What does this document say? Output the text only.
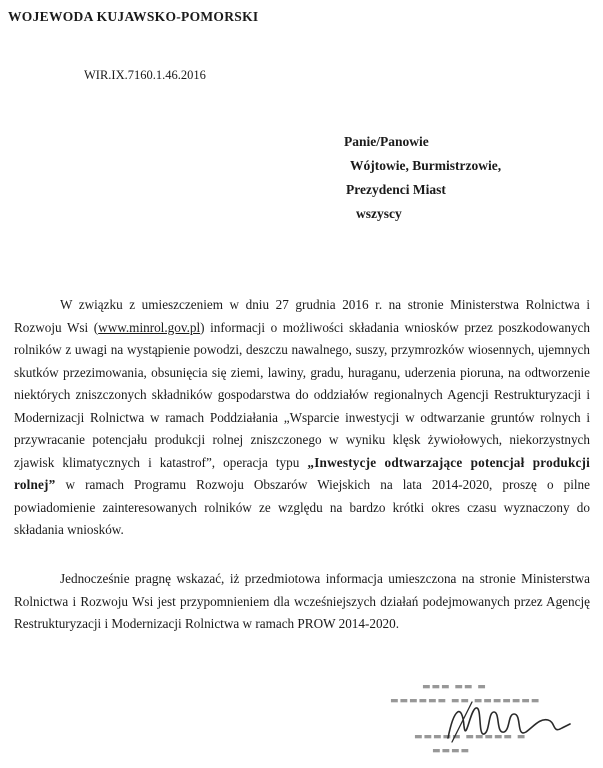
WOJEWODA KUJAWSKO-POMORSKI
WIR.IX.7160.1.46.2016
Panie/Panowie
Wójtowie, Burmistrzowie,
Prezydenci Miast
wszyscy
W związku z umieszczeniem w dniu 27 grudnia 2016 r. na stronie Ministerstwa Rolnictwa i Rozwoju Wsi (www.minrol.gov.pl) informacji o możliwości składania wniosków przez poszkodowanych rolników z uwagi na wystąpienie powodzi, deszczu nawalnego, suszy, przymrozków wiosennych, ujemnych skutków przezimowania, obsunięcia się ziemi, lawiny, gradu, huraganu, uderzenia pioruna, na odtworzenie niektórych zniszczonych składników gospodarstwa do oddziałów regionalnych Agencji Restrukturyzacji i Modernizacji Rolnictwa w ramach Poddziałania „Wsparcie inwestycji w odtwarzanie gruntów rolnych i przywracanie potencjału produkcji rolnej zniszczonego w wyniku klęsk żywiołowych, niekorzystnych zjawisk klimatycznych i katastrof”, operacja typu „Inwestycje odtwarzające potencjał produkcji rolnej” w ramach Programu Rozwoju Obszarów Wiejskich na lata 2014-2020, proszę o pilne powiadomienie zainteresowanych rolników ze względu na bardzo krótki okres czasu wyznaczony do składania wniosków.
Jednocześnie pragnę wskazać, iż przedmiotowa informacja umieszczona na stronie Ministerstwa Rolnictwa i Rozwoju Wsi jest przypomnieniem dla wcześniejszych działań podejmowanych przez Agencję Restrukturyzacji i Modernizacji Rolnictwa w ramach PROW 2014-2020.
▬▬▬ ▬▬ ▬
▬▬▬▬▬▬ ▬▬ ▬▬▬▬▬▬▬
▬▬▬▬▬ ▬▬▬▬▬ ▬
▬▬▬▬
